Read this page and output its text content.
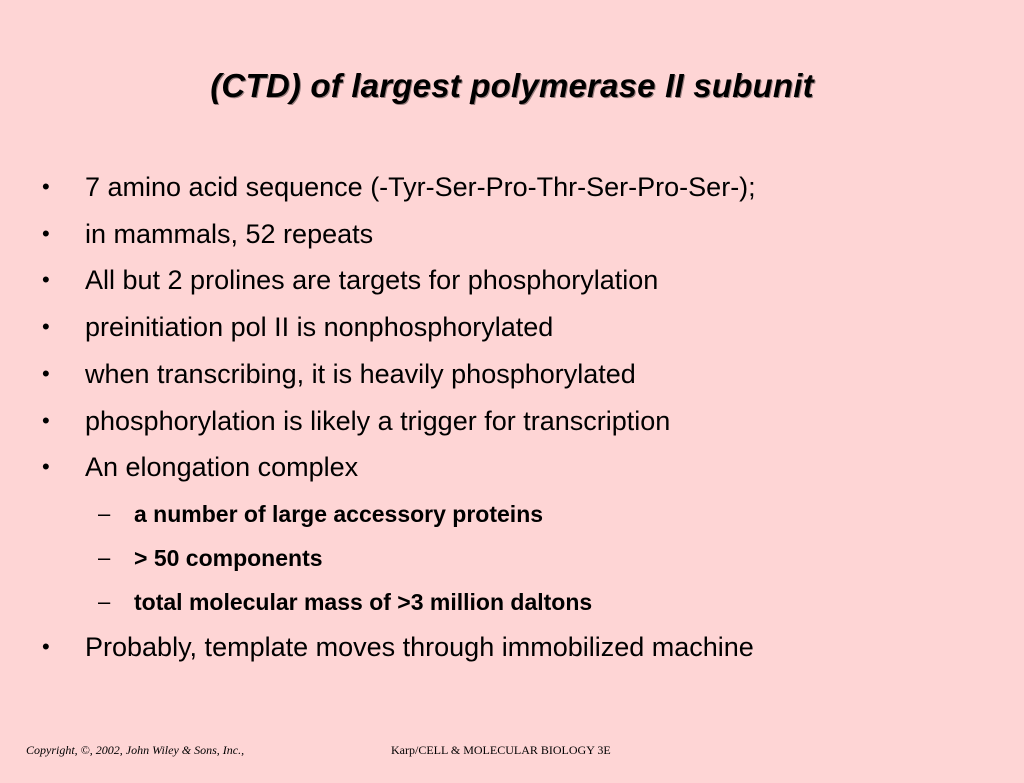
(CTD) of largest polymerase II subunit
• 7 amino acid sequence (-Tyr-Ser-Pro-Thr-Ser-Pro-Ser-);
• in mammals, 52 repeats
• All but 2 prolines are targets for phosphorylation
• preinitiation pol II is nonphosphorylated
• when transcribing, it is heavily phosphorylated
• phosphorylation is likely a trigger for transcription
• An elongation complex
– a number of large accessory proteins
– > 50 components
– total molecular mass of >3 million daltons
• Probably, template moves through immobilized machine
Copyright, ©, 2002, John Wiley & Sons, Inc.,	Karp/CELL & MOLECULAR BIOLOGY 3E
